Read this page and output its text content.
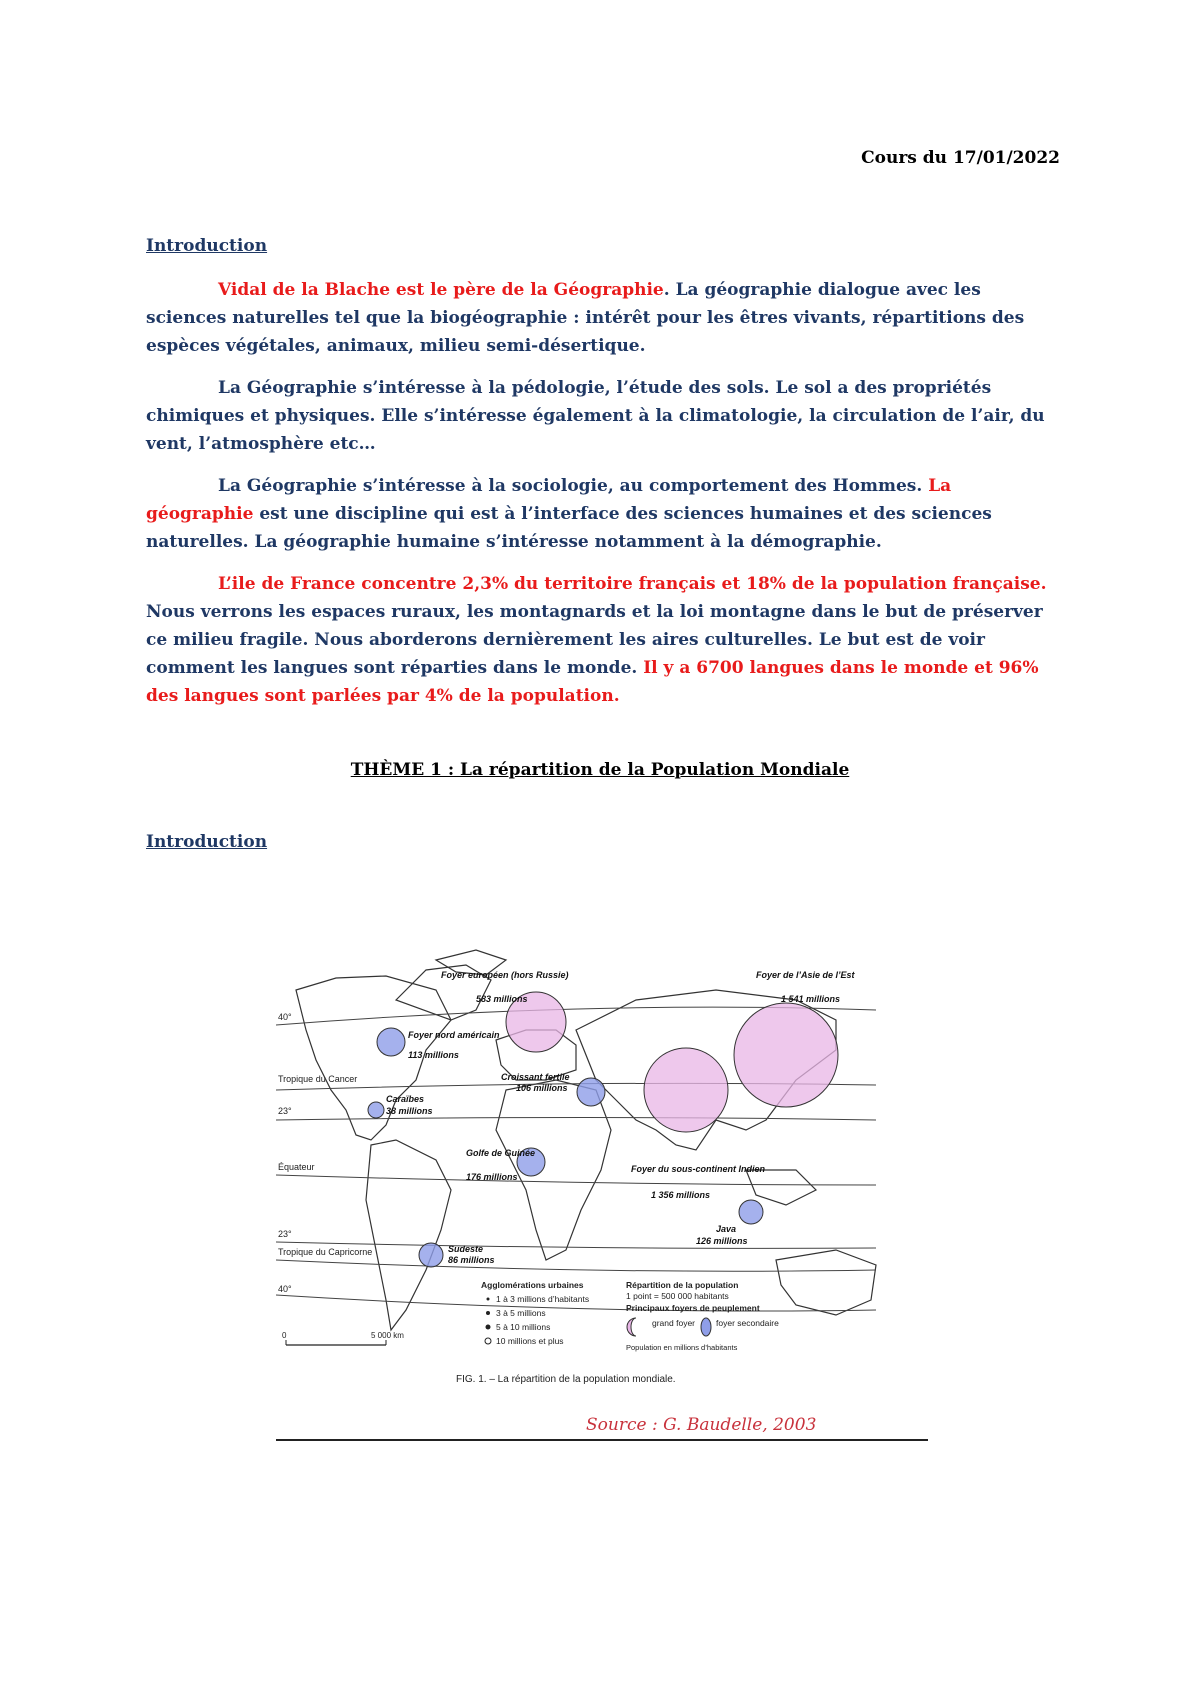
Cours du 17/01/2022
Introduction

Vidal de la Blache est le père de la Géographie. La géographie dialogue avec les sciences naturelles tel que la biogéographie : intérêt pour les êtres vivants, répartitions des espèces végétales, animaux, milieu semi-désertique.

La Géographie s’intéresse à la pédologie, l’étude des sols. Le sol a des propriétés chimiques et physiques. Elle s’intéresse également à la climatologie, la circulation de l’air, du vent, l’atmosphère etc…

La Géographie s’intéresse à la sociologie, au comportement des Hommes. La géographie est une discipline qui est à l’interface des sciences humaines et des sciences naturelles. La géographie humaine s’intéresse notamment à la démographie.

L’ile de France concentre 2,3% du territoire français et 18% de la population française. Nous verrons les espaces ruraux, les montagnards et la loi montagne dans le but de préserver ce milieu fragile. Nous aborderons dernièrement les aires culturelles. Le but est de voir comment les langues sont réparties dans le monde. Il y a 6700 langues dans le monde et 96% des langues sont parlées par 4% de la population.

THÈME 1 : La répartition de la Population Mondiale
Introduction
40°
Tropique du Cancer
23°
Équateur
23°
Tropique du Capricorne
40°
Foyer européen (hors Russie)
583 millions
Foyer de l’Asie de l’Est
1 541 millions
Foyer nord américain
113 millions
Croissant fertile
106 millions
Caraïbes
38 millions
Golfe de Guinée
176 millions
Foyer du sous-continent Indien
1 356 millions
Java
126 millions
Sudeste
86 millions
Agglomérations urbaines
1 à 3 millions d’habitants
3 à 5 millions
5 à 10 millions
10 millions et plus
Répartition de la population
1 point = 500 000 habitants
Principaux foyers de peuplement
grand foyer foyer secondaire
Population en millions d’habitants
0	5 000 km
FIG. 1. – La répartition de la population mondiale.
Source : G. Baudelle, 2003
